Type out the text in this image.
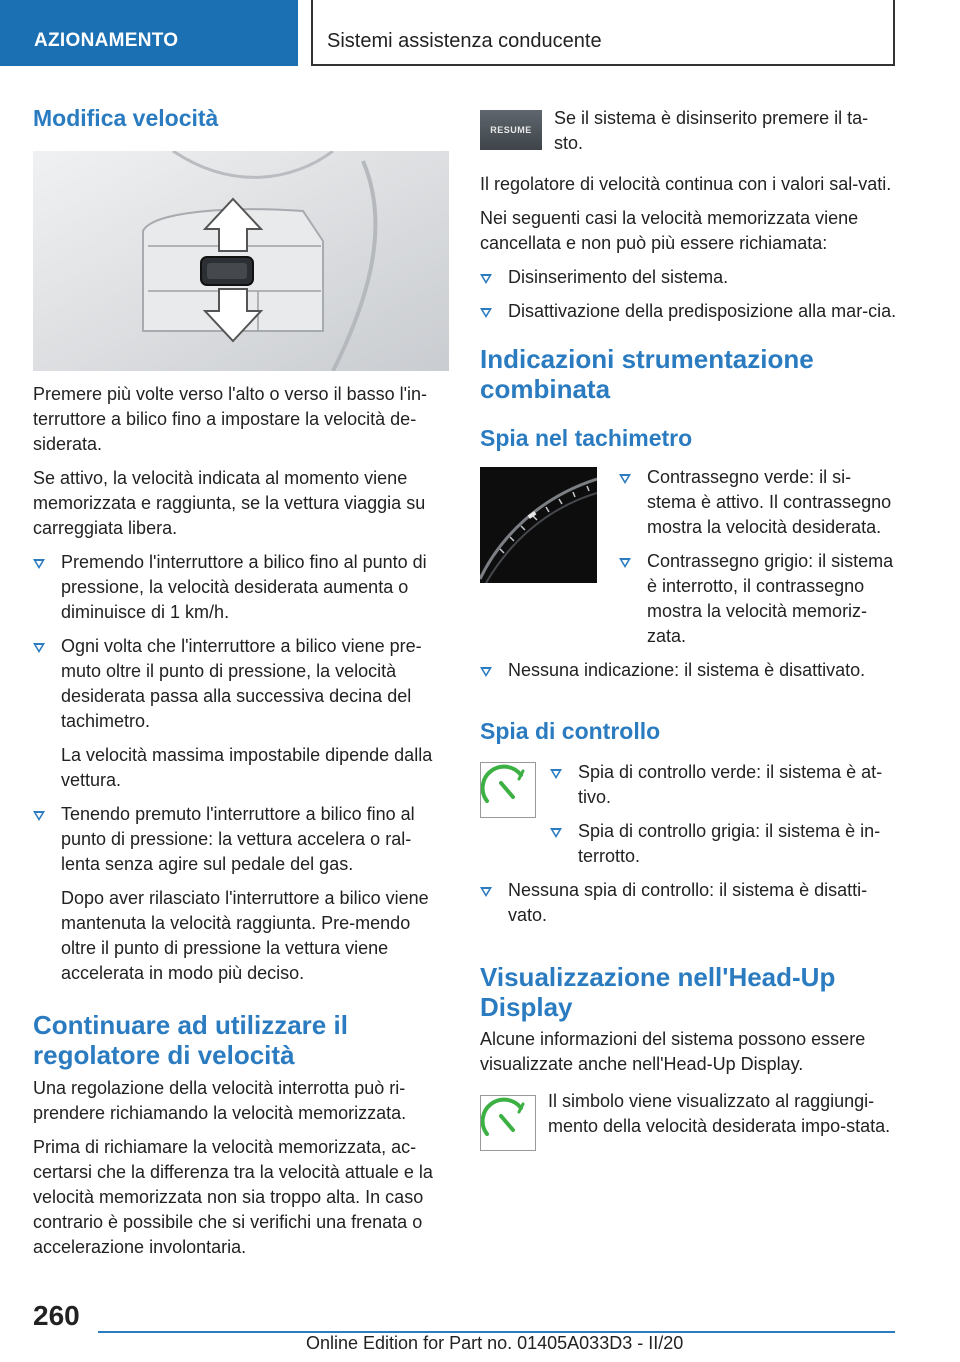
AZIONAMENTO	Sistemi assistenza conducente
Modifica velocità

Premere più volte verso l'alto o verso il basso l'in-terruttore a bilico fino a impostare la velocità de-siderata.

Se attivo, la velocità indicata al momento viene memorizzata e raggiunta, se la vettura viaggia su carreggiata libera.

Premendo l'interruttore a bilico fino al punto di pressione, la velocità desiderata aumenta o diminuisce di 1 km/h.
Ogni volta che l'interruttore a bilico viene pre-muto oltre il punto di pressione, la velocità desiderata passa alla successiva decina del tachimetro.

La velocità massima impostabile dipende dalla vettura.

Tenendo premuto l'interruttore a bilico fino al punto di pressione: la vettura accelera o ral-lenta senza agire sul pedale del gas.

Dopo aver rilasciato l'interruttore a bilico viene mantenuta la velocità raggiunta. Pre-mendo oltre il punto di pressione la vettura viene accelerata in modo più deciso.

Continuare ad utilizzare il regolatore di velocità

Una regolazione della velocità interrotta può ri-prendere richiamando la velocità memorizzata.

Prima di richiamare la velocità memorizzata, ac-certarsi che la differenza tra la velocità attuale e la velocità memorizzata non sia troppo alta. In caso contrario è possibile che si verifichi una frenata o accelerazione involontaria.

RESUME

Se il sistema è disinserito premere il ta-sto.

Il regolatore di velocità continua con i valori sal-vati.

Nei seguenti casi la velocità memorizzata viene cancellata e non può più essere richiamata:

Disinserimento del sistema.
Disattivazione della predisposizione alla mar-cia.
Indicazioni strumentazione combinata
Spia nel tachimetro
Contrassegno verde: il si-stema è attivo. Il contrassegno mostra la velocità desiderata.
Contrassegno grigio: il sistema è interrotto, il contrassegno mostra la velocità memoriz-zata.
Nessuna indicazione: il sistema è disattivato.
Spia di controllo
Spia di controllo verde: il sistema è at-tivo.
Spia di controllo grigia: il sistema è in-terrotto.
Nessuna spia di controllo: il sistema è disatti-vato.
Visualizzazione nell'Head-Up Display

Alcune informazioni del sistema possono essere visualizzate anche nell'Head-Up Display.

Il simbolo viene visualizzato al raggiungi-mento della velocità desiderata impo-stata.

260
Online Edition for Part no. 01405A033D3 - II/20
